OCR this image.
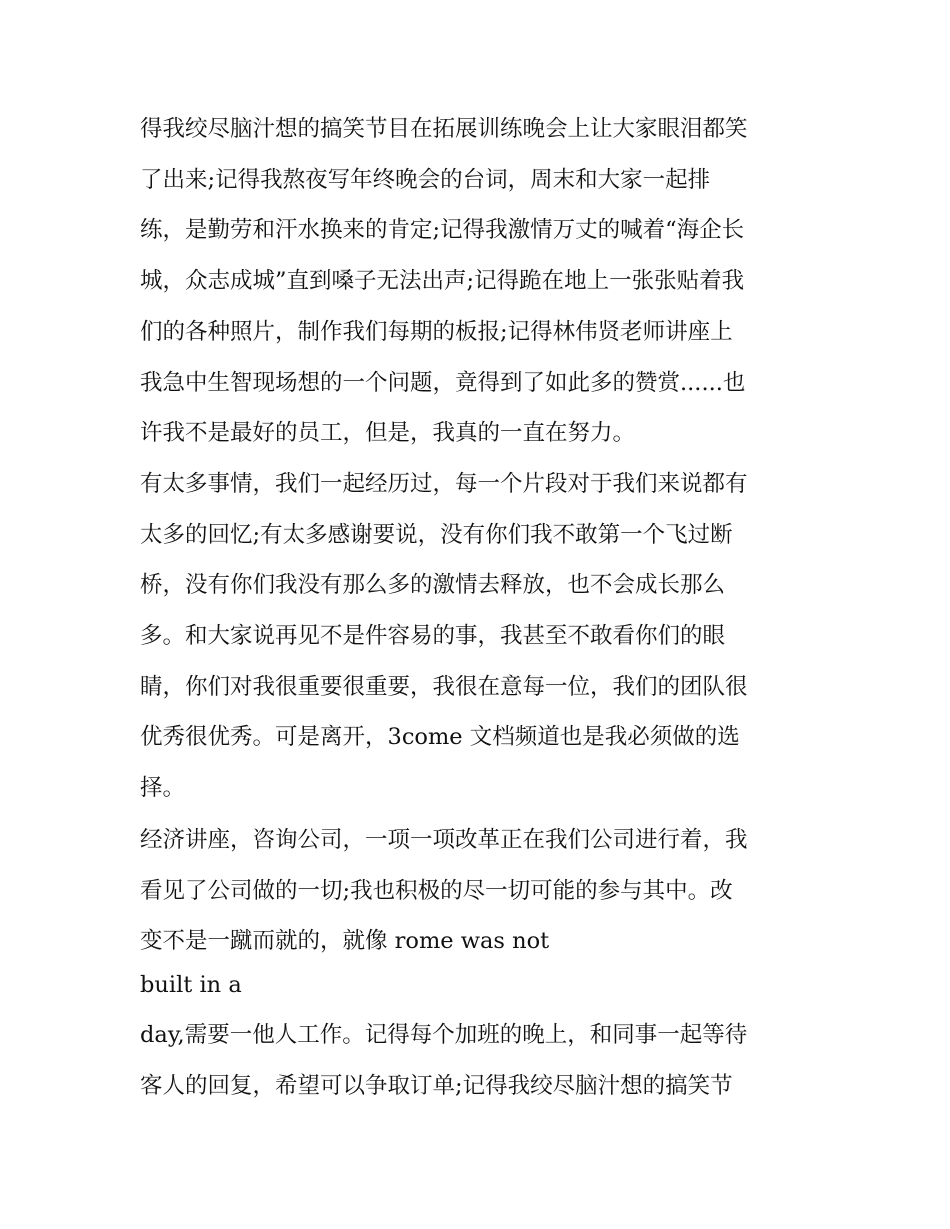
得我绞尽脑汁想的搞笑节目在拓展训练晚会上让大家眼泪都笑

了出来;记得我熬夜写年终晚会的台词，周末和大家一起排

练，是勤劳和汗水换来的肯定;记得我激情万丈的喊着“海企长

城，众志成城”直到嗓子无法出声;记得跪在地上一张张贴着我

们的各种照片，制作我们每期的板报;记得林伟贤老师讲座上

我急中生智现场想的一个问题，竟得到了如此多的赞赏......也

许我不是最好的员工，但是，我真的一直在努力。

有太多事情，我们一起经历过，每一个片段对于我们来说都有

太多的回忆;有太多感谢要说，没有你们我不敢第一个飞过断

桥，没有你们我没有那么多的激情去释放，也不会成长那么

多。和大家说再见不是件容易的事，我甚至不敢看你们的眼

睛，你们对我很重要很重要，我很在意每一位，我们的团队很

优秀很优秀。可是离开，3come 文档频道也是我必须做的选

择。

经济讲座，咨询公司，一项一项改革正在我们公司进行着，我

看见了公司做的一切;我也积极的尽一切可能的参与其中。改

变不是一蹴而就的，就像 rome was not

built in a

day,需要一他人工作。记得每个加班的晚上，和同事一起等待

客人的回复，希望可以争取订单;记得我绞尽脑汁想的搞笑节
